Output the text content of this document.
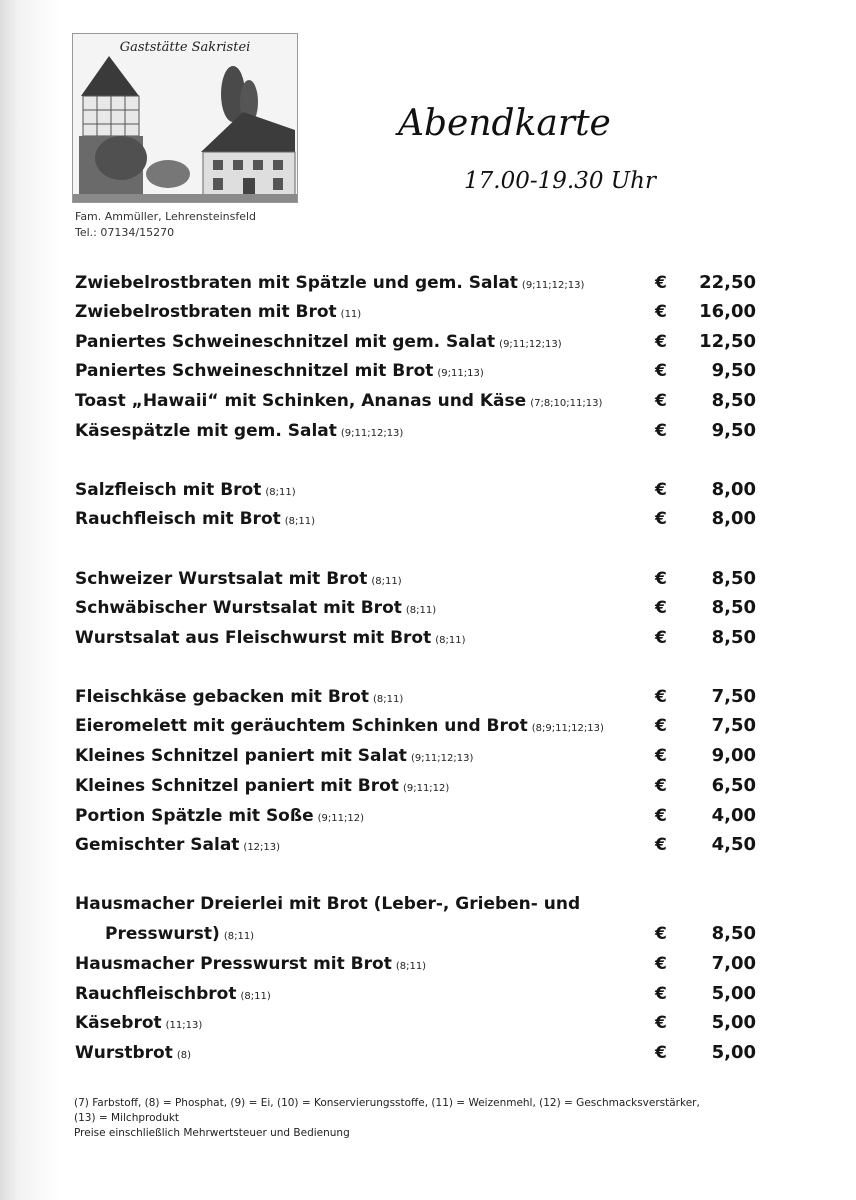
Gaststätte Sakristei
Fam. Ammüller, Lehrensteinsfeld
Tel.: 07134/15270
Abendkarte
17.00-19.30 Uhr
Zwiebelrostbraten mit Spätzle und gem. Salat (9;11;12;13)	€ 22,50
Zwiebelrostbraten mit Brot (11)	€ 16,00
Paniertes Schweineschnitzel mit gem. Salat (9;11;12;13)	€ 12,50
Paniertes Schweineschnitzel mit Brot (9;11;13)	€ 9,50
Toast „Hawaii“ mit Schinken, Ananas und Käse (7;8;10;11;13)	€ 8,50
Käsespätzle mit gem. Salat (9;11;12;13)	€ 9,50
Salzfleisch mit Brot (8;11)	€ 8,00
Rauchfleisch mit Brot (8;11)	€ 8,00
Schweizer Wurstsalat mit Brot (8;11)	€ 8,50
Schwäbischer Wurstsalat mit Brot (8;11)	€ 8,50
Wurstsalat aus Fleischwurst mit Brot (8;11)	€ 8,50
Fleischkäse gebacken mit Brot (8;11)	€ 7,50
Eieromelett mit geräuchtem Schinken und Brot (8;9;11;12;13)	€ 7,50
Kleines Schnitzel paniert mit Salat (9;11;12;13)	€ 9,00
Kleines Schnitzel paniert mit Brot (9;11;12)	€ 6,50
Portion Spätzle mit Soße (9;11;12)	€ 4,00
Gemischter Salat (12;13)	€ 4,50
Hausmacher Dreierlei mit Brot (Leber-, Grieben- und
Presswurst) (8;11)	€ 8,50
Hausmacher Presswurst mit Brot (8;11)	€ 7,00
Rauchfleischbrot (8;11)	€ 5,00
Käsebrot (11;13)	€ 5,00
Wurstbrot (8)	€ 5,00
(7) Farbstoff, (8) = Phosphat, (9) = Ei, (10) = Konservierungsstoffe, (11) = Weizenmehl, (12) = Geschmacksverstärker,
(13) = Milchprodukt
Preise einschließlich Mehrwertsteuer und Bedienung
